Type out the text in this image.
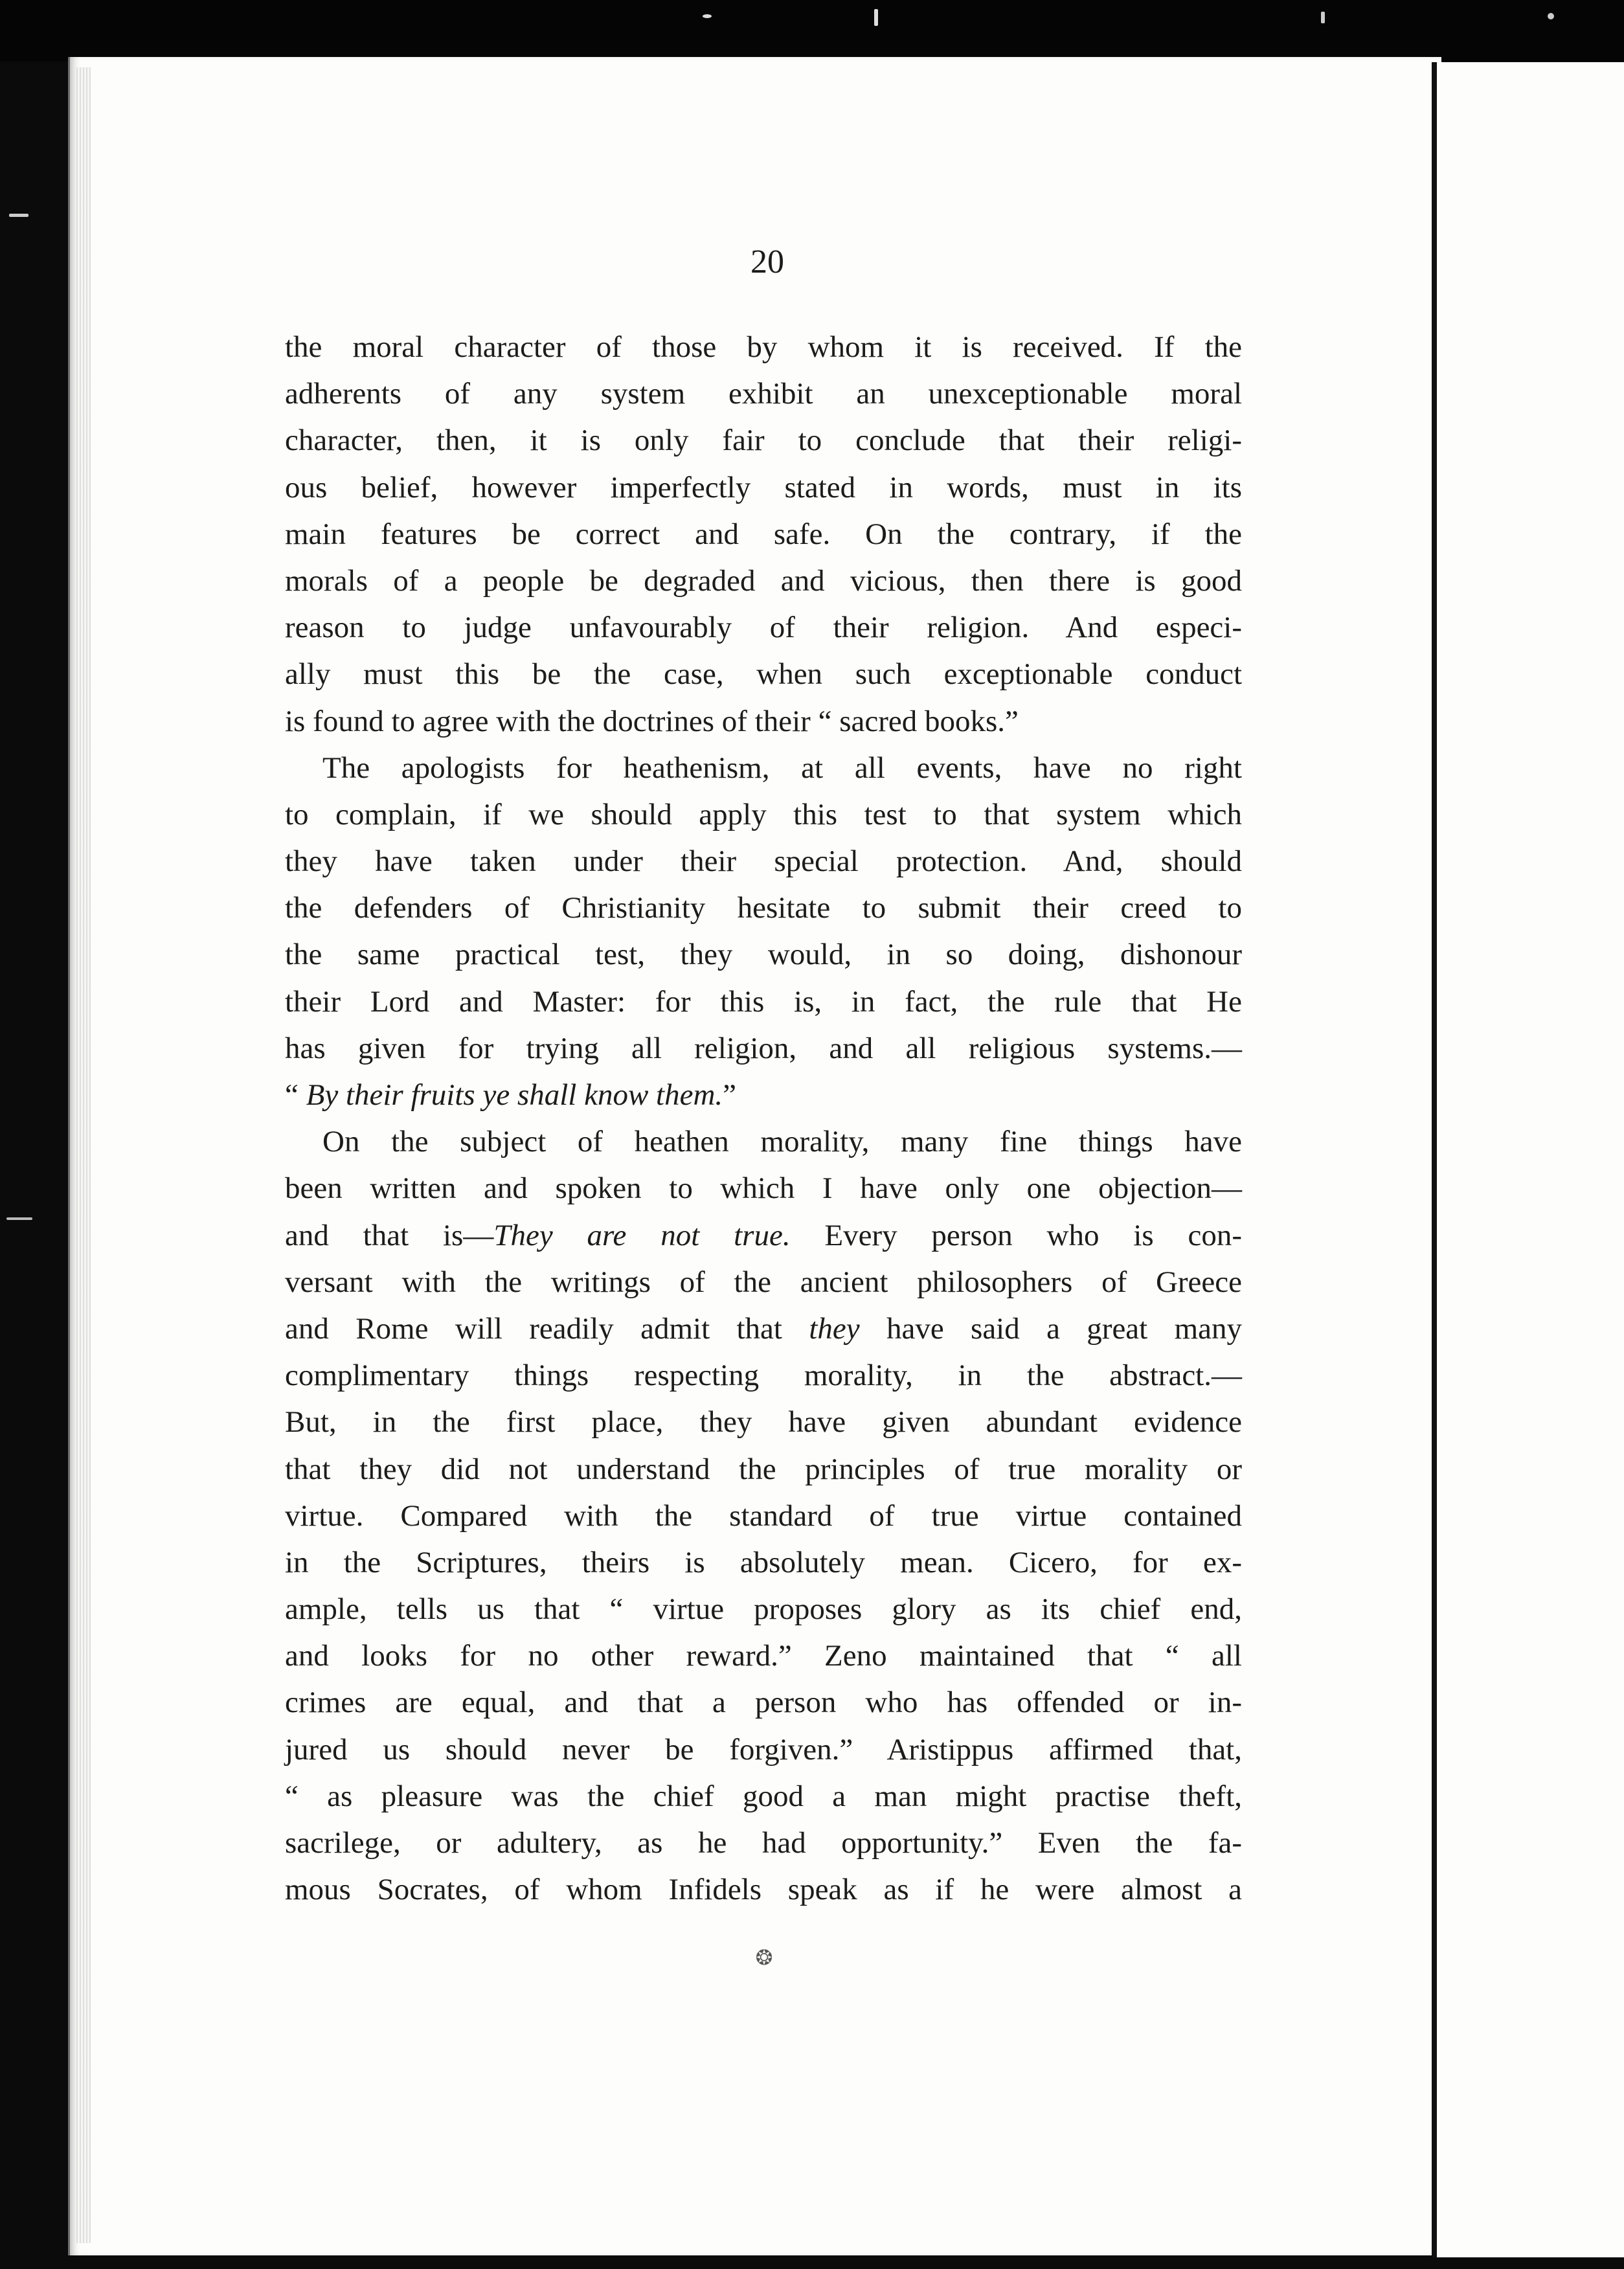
20
the moral character of those by whom it is received. If the
adherents of any system exhibit an unexceptionable moral
character, then, it is only fair to conclude that their religi-
ous belief, however imperfectly stated in words, must in its
main features be correct and safe. On the contrary, if the
morals of a people be degraded and vicious, then there is good
reason to judge unfavourably of their religion. And especi-
ally must this be the case, when such exceptionable conduct
is found to agree with the doctrines of their “ sacred books.”
The apologists for heathenism, at all events, have no right
to complain, if we should apply this test to that system which
they have taken under their special protection. And, should
the defenders of Christianity hesitate to submit their creed to
the same practical test, they would, in so doing, dishonour
their Lord and Master: for this is, in fact, the rule that He
has given for trying all religion, and all religious systems.—
“ By their fruits ye shall know them.”
On the subject of heathen morality, many fine things have
been written and spoken to which I have only one objection—
and that is—They are not true. Every person who is con-
versant with the writings of the ancient philosophers of Greece
and Rome will readily admit that they have said a great many
complimentary things respecting morality, in the abstract.—
But, in the first place, they have given abundant evidence
that they did not understand the principles of true morality or
virtue. Compared with the standard of true virtue contained
in the Scriptures, theirs is absolutely mean. Cicero, for ex-
ample, tells us that “ virtue proposes glory as its chief end,
and looks for no other reward.” Zeno maintained that “ all
crimes are equal, and that a person who has offended or in-
jured us should never be forgiven.” Aristippus affirmed that,
“ as pleasure was the chief good a man might practise theft,
sacrilege, or adultery, as he had opportunity.” Even the fa-
mous Socrates, of whom Infidels speak as if he were almost a
❂
